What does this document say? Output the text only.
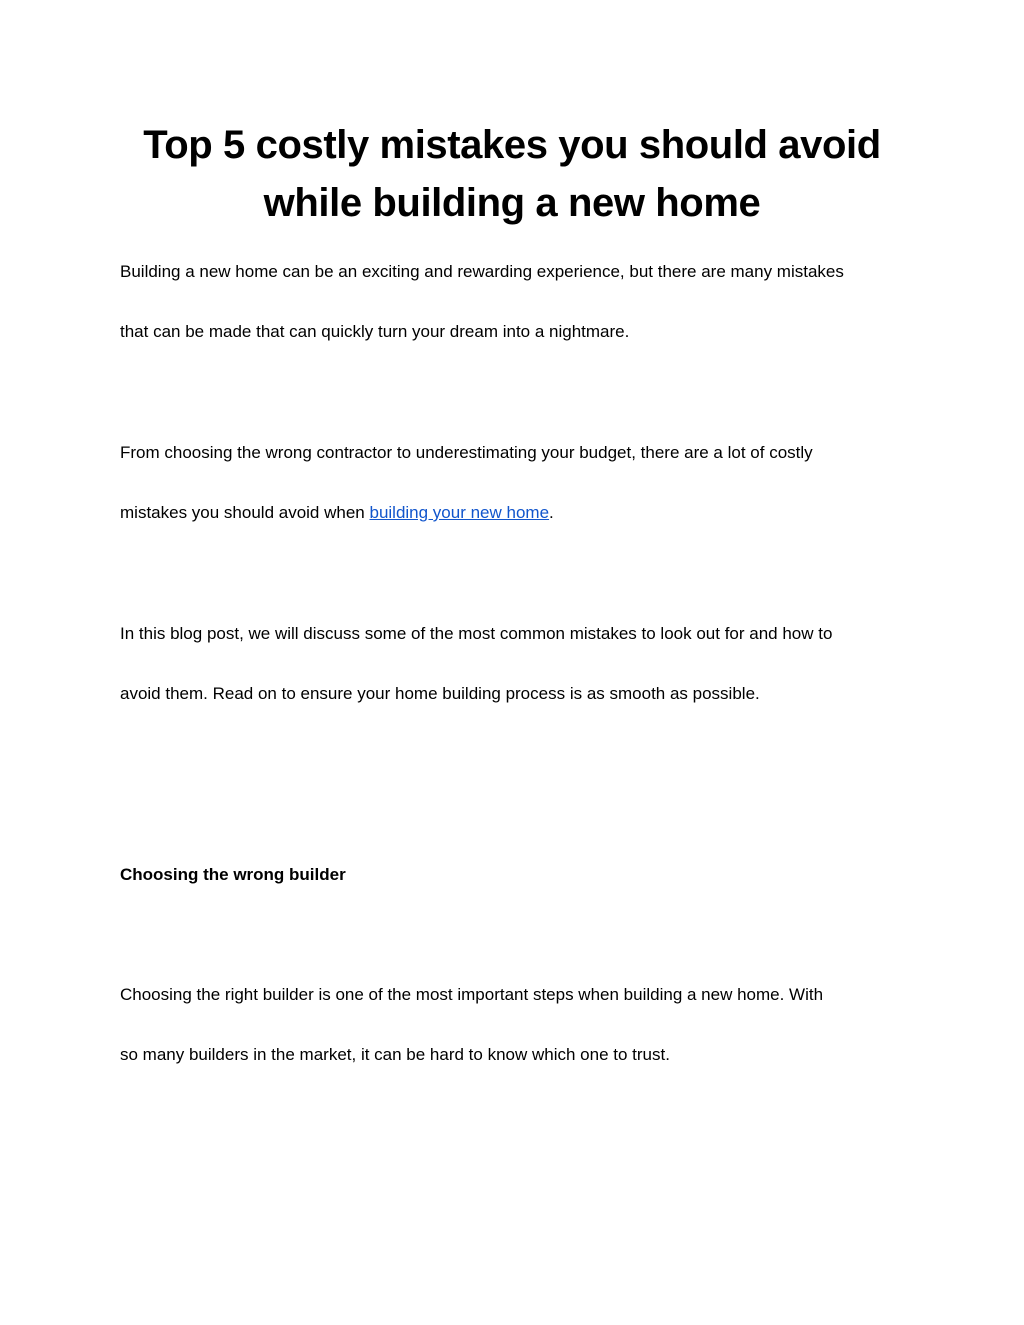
Top 5 costly mistakes you should avoid
while building a new home

Building a new home can be an exciting and rewarding experience, but there are many mistakes
that can be made that can quickly turn your dream into a nightmare.

From choosing the wrong contractor to underestimating your budget, there are a lot of costly
mistakes you should avoid when building your new home.

In this blog post, we will discuss some of the most common mistakes to look out for and how to
avoid them. Read on to ensure your home building process is as smooth as possible.

Choosing the wrong builder

Choosing the right builder is one of the most important steps when building a new home. With
so many builders in the market, it can be hard to know which one to trust.
